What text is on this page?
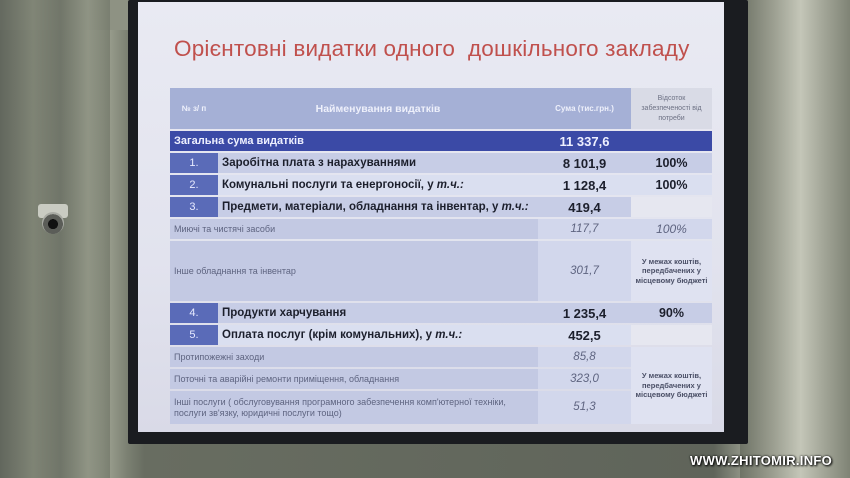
Орієнтовні видатки одного  дошкільного закладу
№ з/ п	Найменування видатків	Сума (тис.грн.)	Відсоток забезпеченості від потреби
Загальна сума видатків		11 337,6	
1.	Заробітна плата з нарахуваннями	8 101,9	100%
2.	Комунальні послуги та енергоносії, у т.ч.:	1 128,4	100%
3.	Предмети, матеріали, обладнання та інвентар, у т.ч.:	419,4	
Миючі та чистячі засоби		117,7	100%
Інше обладнання та інвентар		301,7	У межах коштів, передбачених у місцевому бюджеті
4.	Продукти харчування	1 235,4	90%
5.	Оплата послуг (крім комунальних), у т.ч.:	452,5	
Протипожежні заходи		85,8	У межах коштів, передбачених у місцевому бюджеті
Поточні та аварійні ремонти приміщення, обладнання		323,0	
Інші послуги ( обслуговування програмного забезпечення комп'ютерної техніки, послуги зв'язку, юридичні послуги тощо)		51,3	
WWW.ZHITOMIR.INFO
